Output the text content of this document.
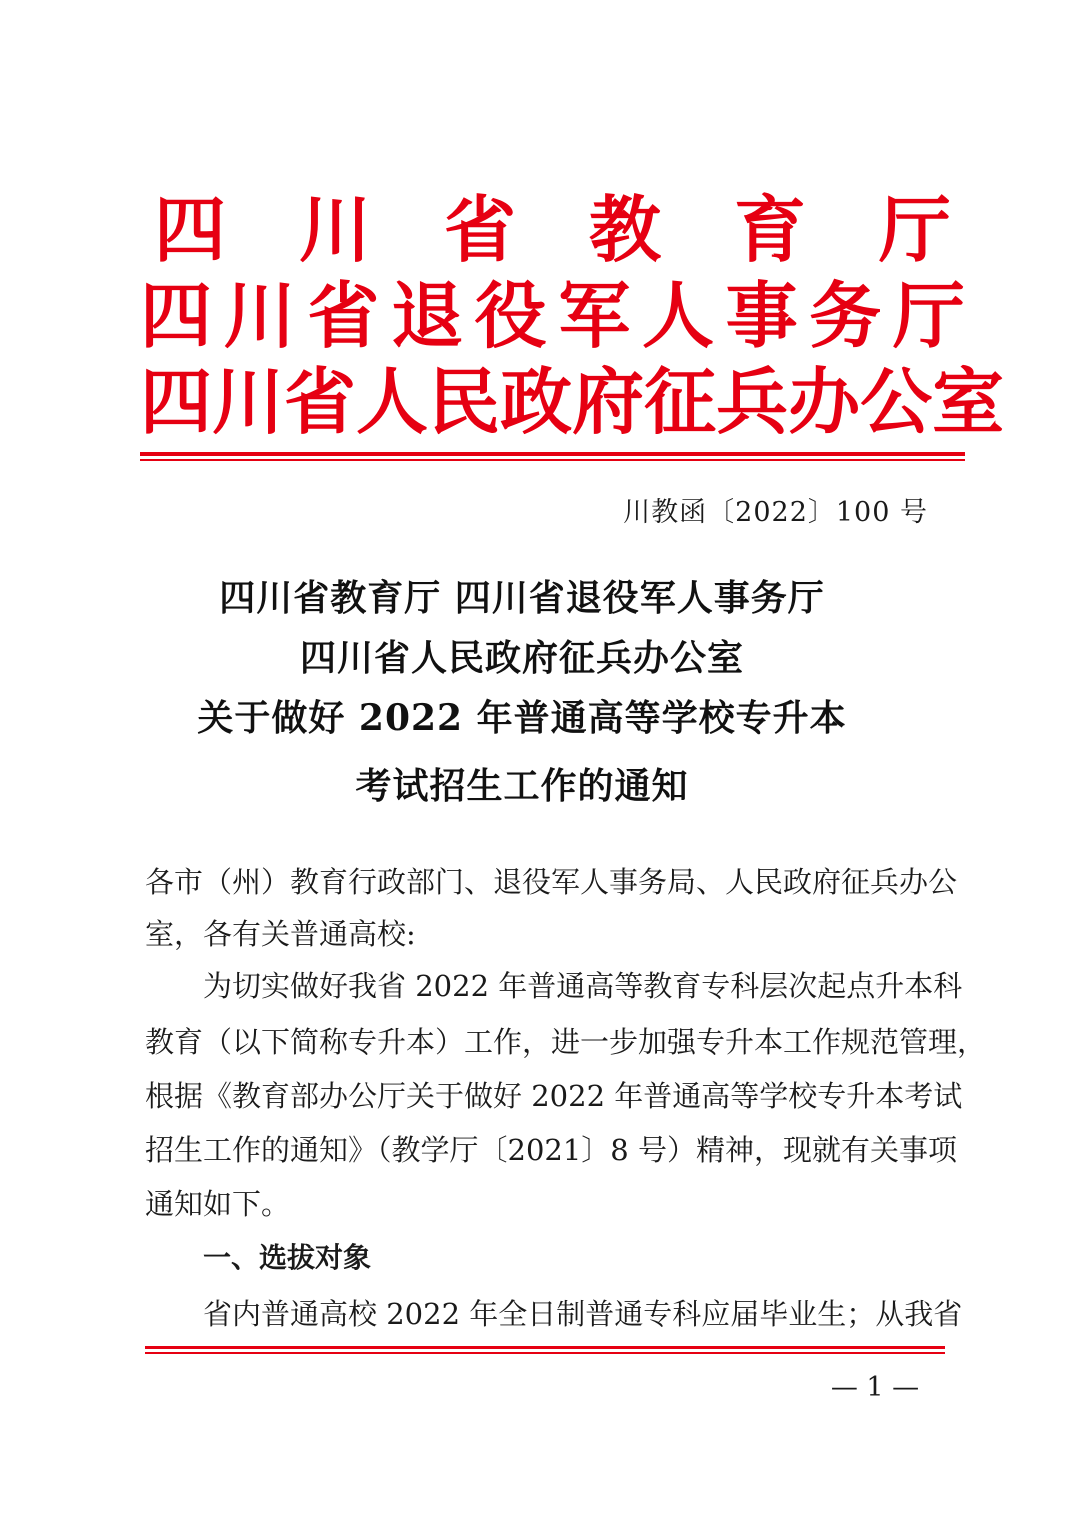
四 川 省 教 育 厅
四 川 省 退 役 军 人 事 务 厅
四 川 省 人 民 政 府 征 兵 办 公 室
川教函〔2022〕100 号
四川省教育厅 四川省退役军人事务厅
四川省人民政府征兵办公室
关于做好 2022 年普通高等学校专升本
考试招生工作的通知
各市（州）教育行政部门、退役军人事务局、人民政府征兵办公
室，各有关普通高校:
为切实做好我省 2022 年普通高等教育专科层次起点升本科
教育（以下简称专升本）工作，进一步加强专升本工作规范管理，
根据《教育部办公厅关于做好 2022 年普通高等学校专升本考试
招生工作的通知》（教学厅〔2021〕8 号）精神，现就有关事项
通知如下。
一、选拔对象
省内普通高校 2022 年全日制普通专科应届毕业生；从我省
— 1 —
